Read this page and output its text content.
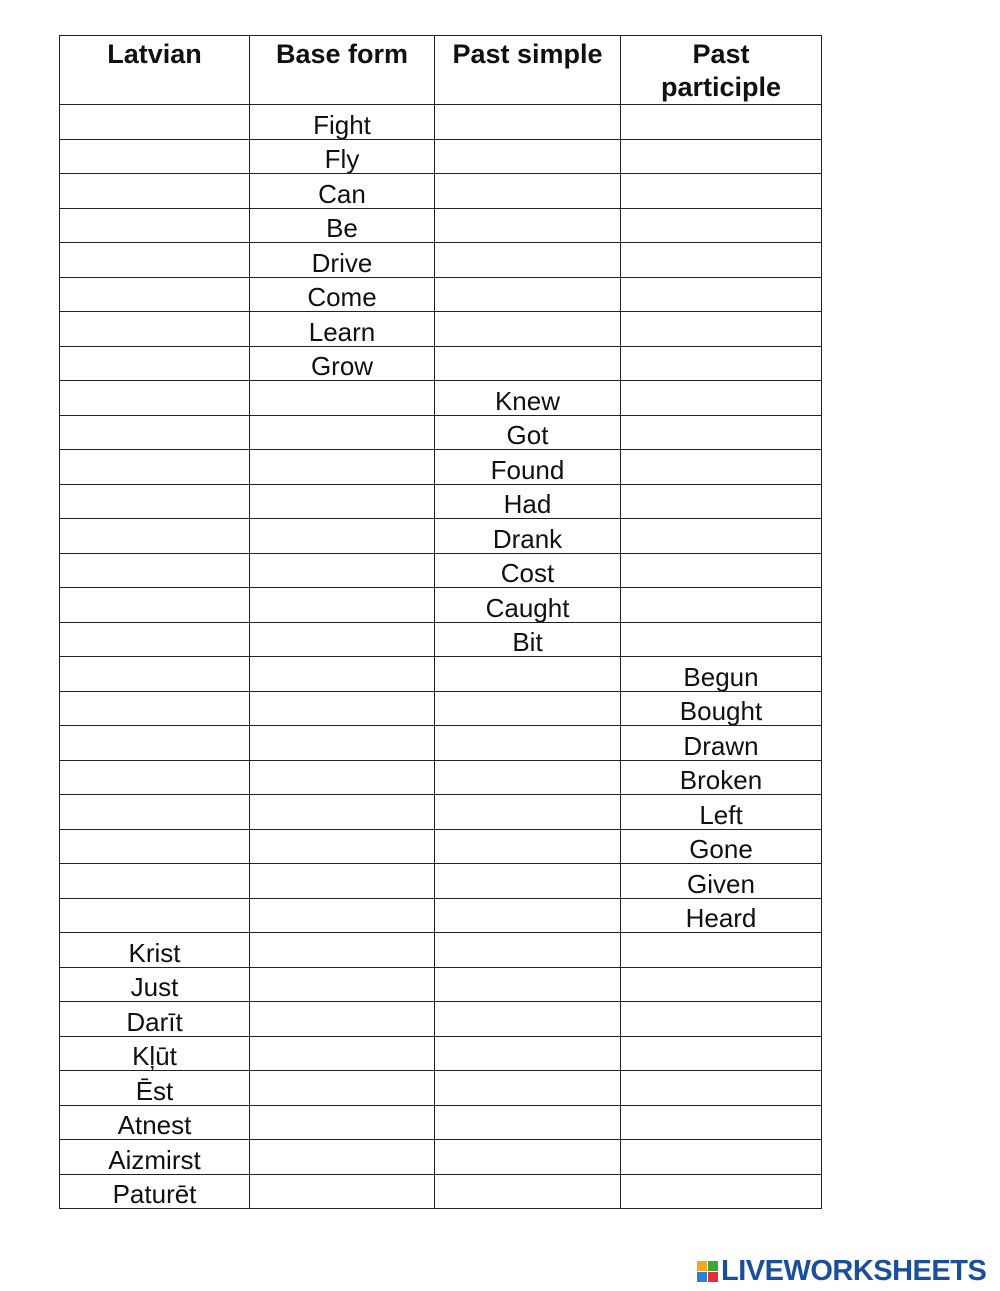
Latvian	Base form	Past simple	Past
participle
	Fight		
	Fly		
	Can		
	Be		
	Drive		
	Come		
	Learn		
	Grow		
		Knew	
		Got	
		Found	
		Had	
		Drank	
		Cost	
		Caught	
		Bit	
			Begun
			Bought
			Drawn
			Broken
			Left
			Gone
			Given
			Heard
Krist			
Just			
Darīt			
Kļūt			
Ēst			
Atnest			
Aizmirst			
Paturēt			
LIVEWORKSHEETS
